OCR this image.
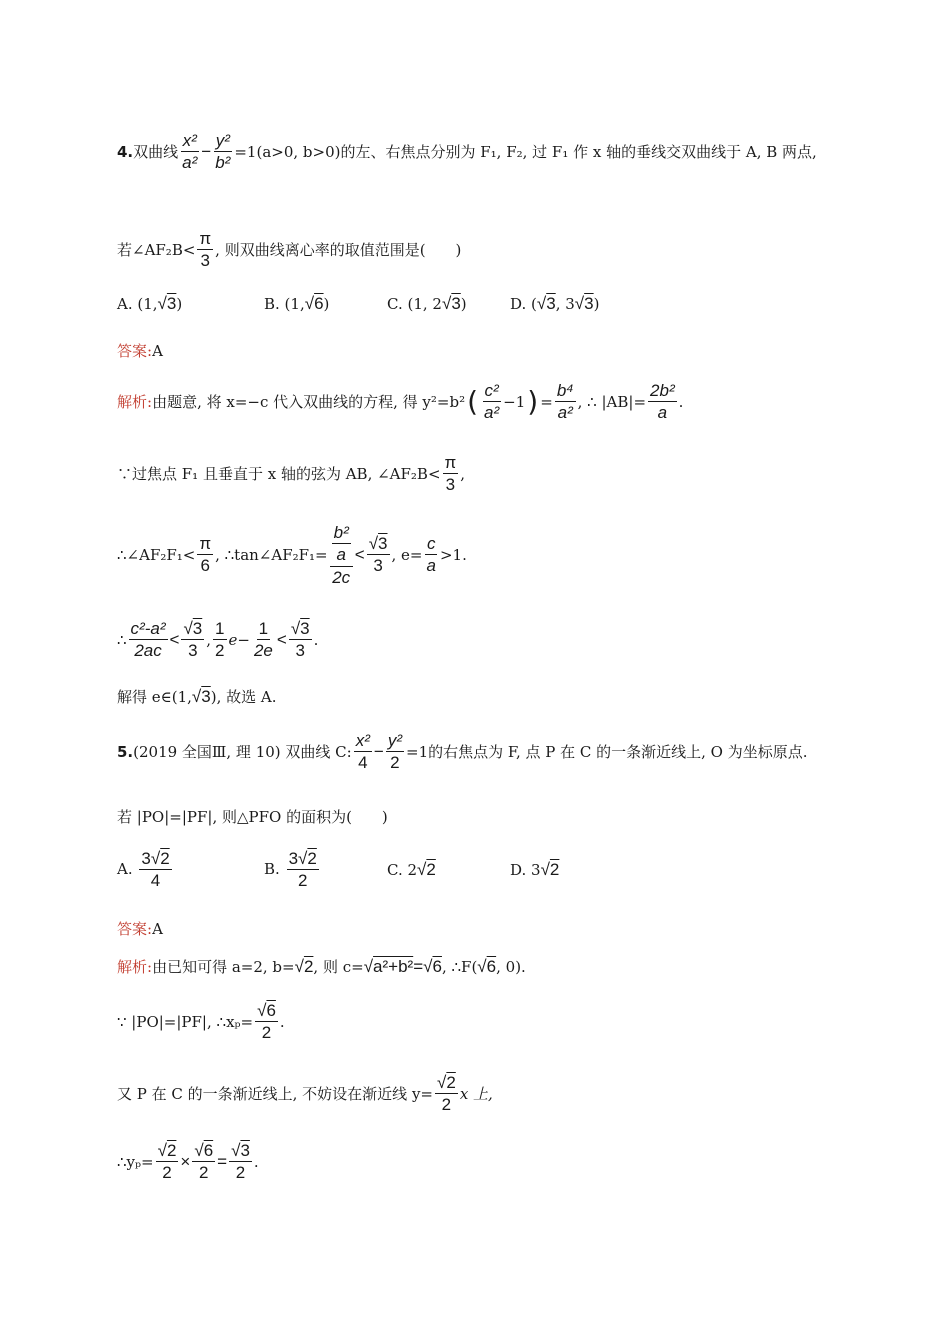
4. 双曲线 $\frac{\text{x²}}{\text{a²}} - \frac{\text{y²}}{\text{b²}} =1$ (a>0, b>0) 的左、右焦点分别为 F₁, F₂, 过 F₁ 作 x 轴的垂线交双曲线于 A, B 两点,
若∠AF₂B< $\frac{\pi}{3}$ , 则双曲线离心率的取值范围是(　　)
A. (1,√3)	B. (1,√6)	C. (1, 2√3)	D. (√3, 3√3)
答案: A
解析: 由题意, 将 x=−c 代入双曲线的方程, 得 y²=b² ( $\frac{\text{c²}}{\text{a²}} -1$ ) = $\frac{\text{b⁴}}{\text{a²}}$ , ∴ $|AB|= \frac{\text{2b²}}{a}$ .
∵过焦点 F₁ 且垂直于 x 轴的弦为 AB, ∠AF₂B< $\frac{\pi}{3}$ ,
∴∠AF₂F₁< $\frac{\pi}{6}$ , ∴tan∠AF₂F₁= $\frac{\frac{\text{b²}}{a}}{2c} < \frac{√3}{3}$ , $e= \frac{c}{a} >1$.
∴ $\frac{\text{c²-a²}}{2ac} < \frac{√3}{3}$ , $\frac{1}{2} e- \frac{1}{2e} < \frac{√3}{3}$ .
解得 e∈(1, √3 ), 故选 A.
5. (2019 全国Ⅲ, 理 10) 双曲线 C: $\frac{\text{x²}}{4} - \frac{\text{y²}}{2} =1$ 的右焦点为 F, 点 P 在 C 的一条渐近线上, O 为坐标原点.
若 |PO|=|PF|, 则△PFO 的面积为(　　)
A. $\frac{3√2}{4}$	B. $\frac{3√2}{2}$	C. 2√2	D. 3√2
答案: A
解析: 由已知可得 a=2, b= √2 , 则 c= √a²+b² = √6 , ∴F( √6 , 0).
∵ |PO|=|PF|, ∴xₚ= $\frac{√6}{2}$ .
又 P 在 C 的一条渐近线上, 不妨设在渐近线 $y= \frac{√2}{2}$ x 上,
∴yₚ= $\frac{√2}{2} \times \frac{√6}{2} = \frac{√3}{2}$ .
